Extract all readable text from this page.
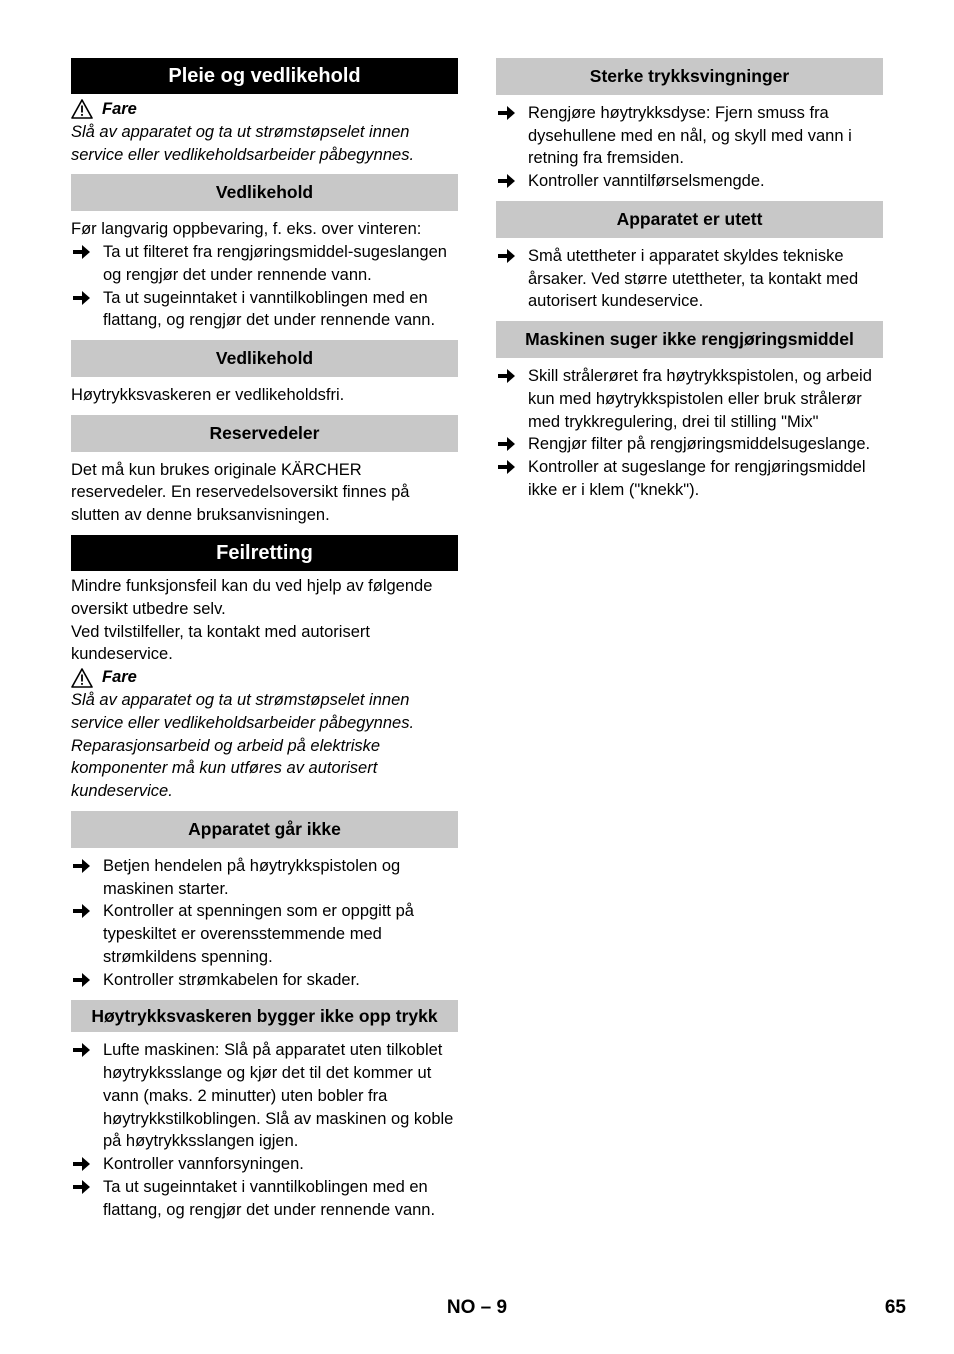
Pleie og vedlikehold
Fare

Slå av apparatet og ta ut strømstøpselet innen service eller vedlikeholdsarbeider påbegynnes.

Vedlikehold

Før langvarig oppbevaring, f. eks. over vinteren:

Ta ut filteret fra rengjøringsmiddel-sugeslangen og rengjør det under rennende vann.
Ta ut sugeinntaket i vanntilkoblingen med en flattang, og rengjør det under rennende vann.
Vedlikehold

Høytrykksvaskeren er vedlikeholdsfri.

Reservedeler

Det må kun brukes originale KÄRCHER reservedeler. En reservedelsoversikt finnes på slutten av denne bruksanvisningen.

Feilretting

Mindre funksjonsfeil kan du ved hjelp av følgende oversikt utbedre selv.

Ved tvilstilfeller, ta kontakt med autorisert kundeservice.

Fare

Slå av apparatet og ta ut strømstøpselet innen service eller vedlikeholdsarbeider påbegynnes.

Reparasjonsarbeid og arbeid på elektriske komponenter må kun utføres av autorisert kundeservice.

Apparatet går ikke
Betjen hendelen på høytrykkspistolen og maskinen starter.
Kontroller at spenningen som er oppgitt på typeskiltet er overensstemmende med strømkildens spenning.
Kontroller strømkabelen for skader.
Høytrykksvaskeren bygger ikke opp trykk
Lufte maskinen: Slå på apparatet uten tilkoblet høytrykksslange og kjør det til det kommer ut vann (maks. 2 minutter) uten bobler fra høytrykkstilkoblingen. Slå av maskinen og koble på høytrykksslangen igjen.
Kontroller vannforsyningen.
Ta ut sugeinntaket i vanntilkoblingen med en flattang, og rengjør det under rennende vann.
Sterke trykksvingninger
Rengjøre høytrykksdyse: Fjern smuss fra dysehullene med en nål, og skyll med vann i retning fra fremsiden.
Kontroller vanntilførselsmengde.
Apparatet er utett
Små utettheter i apparatet skyldes tekniske årsaker. Ved større utettheter, ta kontakt med autorisert kundeservice.
Maskinen suger ikke rengjøringsmiddel
Skill strålerøret fra høytrykkspistolen, og arbeid kun med høytrykkspistolen eller bruk strålerør med trykkregulering, drei til stilling "Mix"
Rengjør filter på rengjøringsmiddelsugeslange.
Kontroller at sugeslange for rengjøringsmiddel ikke er i klem ("knekk").
NO – 9	65
